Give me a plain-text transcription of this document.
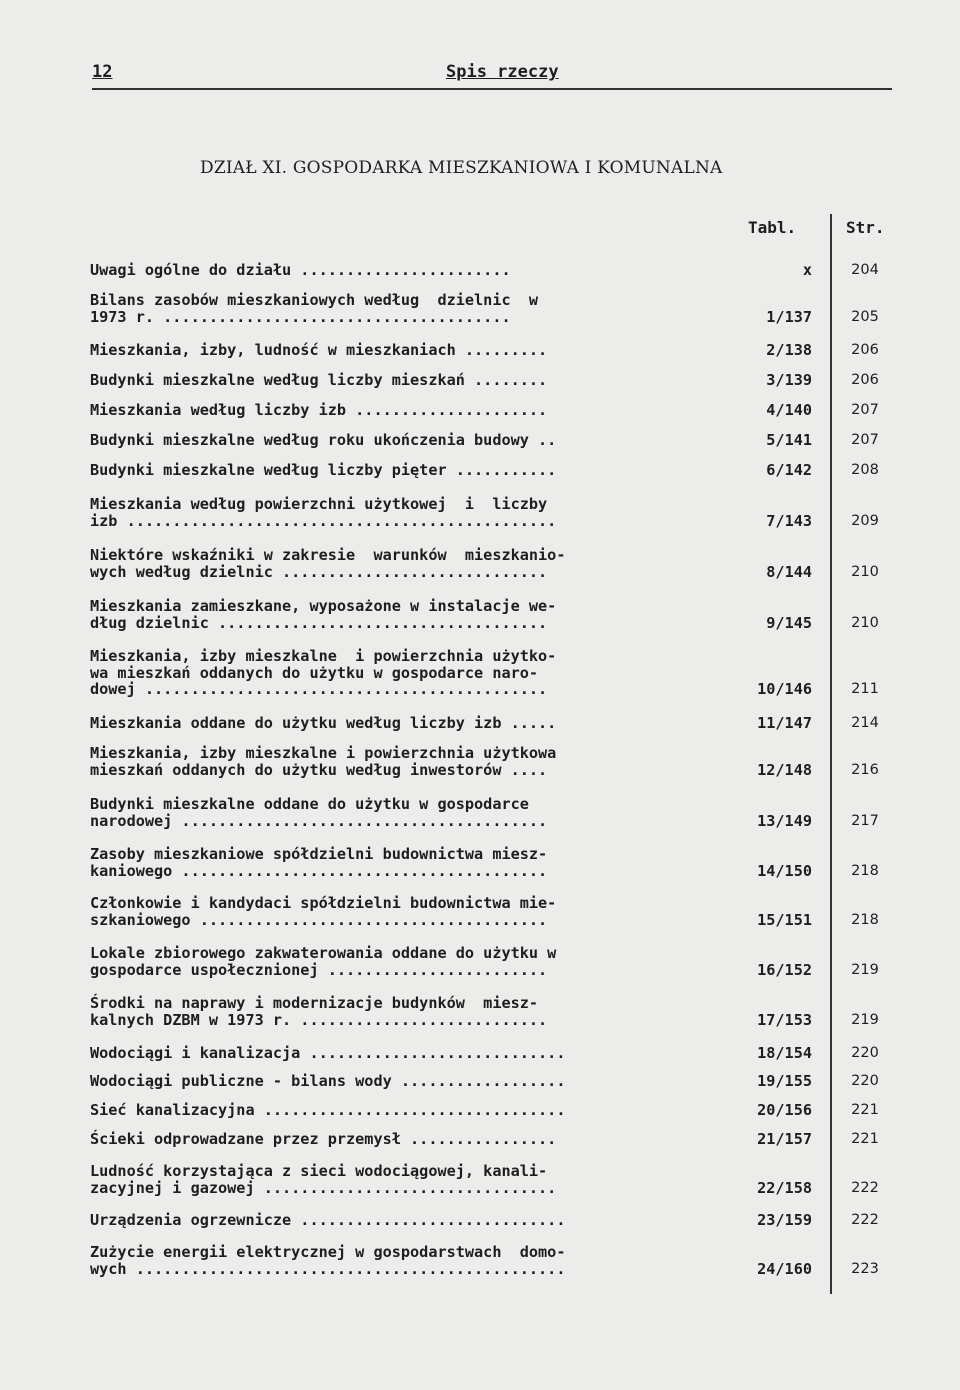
12	Spis rzeczy
DZIAŁ XI. GOSPODARKA MIESZKANIOWA I KOMUNALNA
Tabl.	Str.
Uwagi ogólne do działu .......................	x	204
Bilans zasobów mieszkaniowych według  dzielnic  w
1973 r. ......................................	1/137	205
Mieszkania, izby, ludność w mieszkaniach .........	2/138	206
Budynki mieszkalne według liczby mieszkań ........	3/139	206
Mieszkania według liczby izb .....................	4/140	207
Budynki mieszkalne według roku ukończenia budowy ..	5/141	207
Budynki mieszkalne według liczby pięter ...........	6/142	208
Mieszkania według powierzchni użytkowej  i  liczby
izb ...............................................	7/143	209
Niektóre wskaźniki w zakresie  warunków  mieszkanio-
wych według dzielnic .............................	8/144	210
Mieszkania zamieszkane, wyposażone w instalacje we-
dług dzielnic ....................................	9/145	210
Mieszkania, izby mieszkalne  i powierzchnia użytko-
wa mieszkań oddanych do użytku w gospodarce naro-
dowej ............................................	10/146	211
Mieszkania oddane do użytku według liczby izb .....	11/147	214
Mieszkania, izby mieszkalne i powierzchnia użytkowa
mieszkań oddanych do użytku według inwestorów ....	12/148	216
Budynki mieszkalne oddane do użytku w gospodarce
narodowej ........................................	13/149	217
Zasoby mieszkaniowe spółdzielni budownictwa miesz-
kaniowego ........................................	14/150	218
Członkowie i kandydaci spółdzielni budownictwa mie-
szkaniowego ......................................	15/151	218
Lokale zbiorowego zakwaterowania oddane do użytku w
gospodarce uspołecznionej ........................	16/152	219
Środki na naprawy i modernizacje budynków  miesz-
kalnych DZBM w 1973 r. ...........................	17/153	219
Wodociągi i kanalizacja ............................	18/154	220
Wodociągi publiczne - bilans wody ..................	19/155	220
Sieć kanalizacyjna .................................	20/156	221
Ścieki odprowadzane przez przemysł ................	21/157	221
Ludność korzystająca z sieci wodociągowej, kanali-
zacyjnej i gazowej ................................	22/158	222
Urządzenia ogrzewnicze .............................	23/159	222
Zużycie energii elektrycznej w gospodarstwach  domo-
wych ...............................................	24/160	223
